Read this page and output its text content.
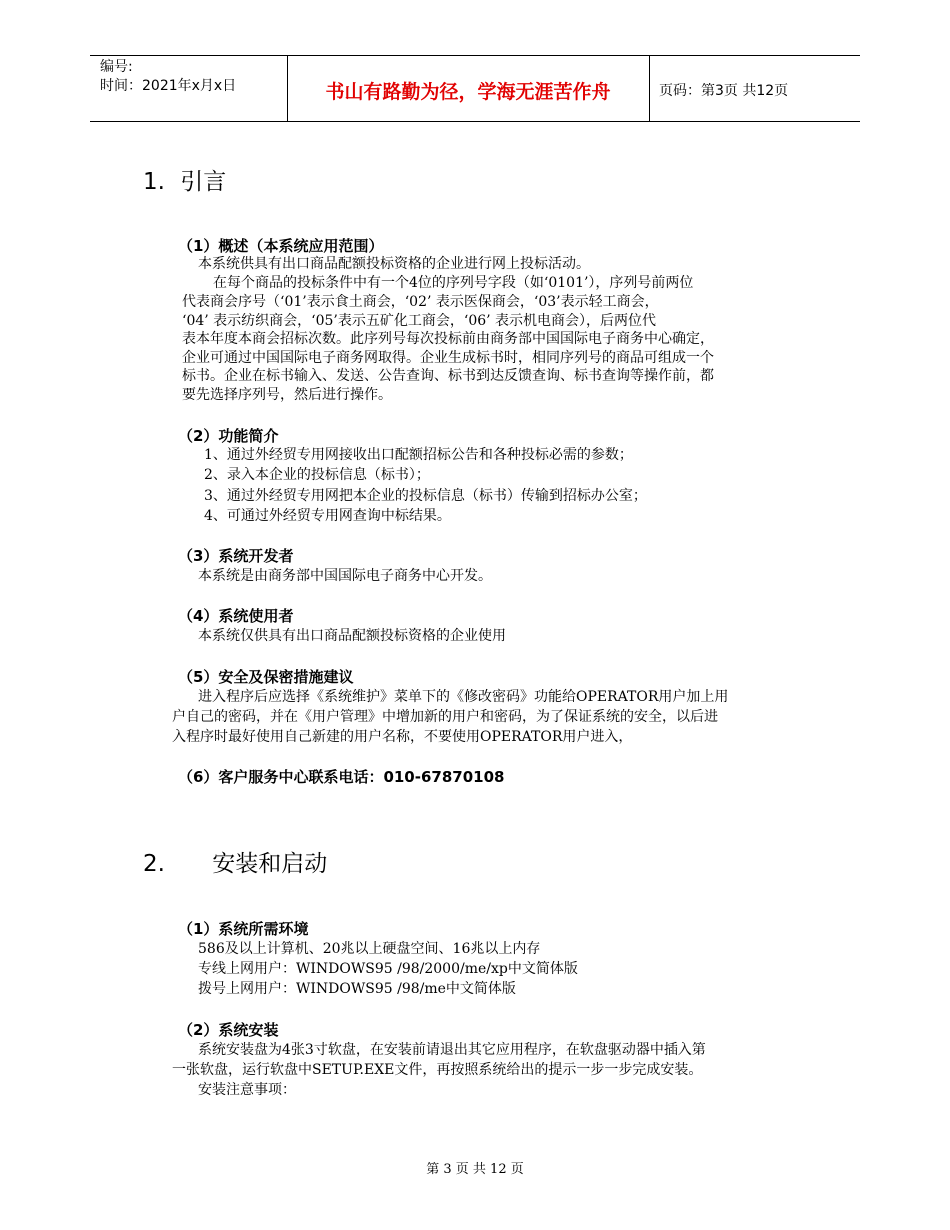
编号:
时间：2021年x月x日	书山有路勤为径，学海无涯苦作舟	页码：第3页 共12页
1. 引言
（1）概述（本系统应用范围）
本系统供具有出口商品配额投标资格的企业进行网上投标活动。
在每个商品的投标条件中有一个4位的序列号字段（如‘0101’），序列号前两位
代表商会序号（‘01’表示食土商会，‘02’ 表示医保商会，‘03’表示轻工商会，
‘04’ 表示纺织商会，‘05’表示五矿化工商会，‘06’ 表示机电商会），后两位代
表本年度本商会招标次数。此序列号每次投标前由商务部中国国际电子商务中心确定，
企业可通过中国国际电子商务网取得。企业生成标书时，相同序列号的商品可组成一个
标书。企业在标书输入、发送、公告查询、标书到达反馈查询、标书查询等操作前，都
要先选择序列号，然后进行操作。
（2）功能简介
1、通过外经贸专用网接收出口配额招标公告和各种投标必需的参数；
2、录入本企业的投标信息（标书）；
3、通过外经贸专用网把本企业的投标信息（标书）传输到招标办公室；
4、可通过外经贸专用网查询中标结果。
（3）系统开发者
本系统是由商务部中国国际电子商务中心开发。
（4）系统使用者
本系统仅供具有出口商品配额投标资格的企业使用
（5）安全及保密措施建议
进入程序后应选择《系统维护》菜单下的《修改密码》功能给OPERATOR用户加上用
户自己的密码，并在《用户管理》中增加新的用户和密码，为了保证系统的安全，以后进
入程序时最好使用自己新建的用户名称，不要使用OPERATOR用户进入，
（6）客户服务中心联系电话：010-67870108
2. 安装和启动
（1）系统所需环境
586及以上计算机、20兆以上硬盘空间、16兆以上内存
专线上网用户：WINDOWS95 /98/2000/me/xp中文简体版
拨号上网用户：WINDOWS95 /98/me中文简体版
（2）系统安装
系统安装盘为4张3寸软盘，在安装前请退出其它应用程序，在软盘驱动器中插入第
一张软盘，运行软盘中SETUP.EXE文件，再按照系统给出的提示一步一步完成安装。
安装注意事项：
第 3 页 共 12 页
